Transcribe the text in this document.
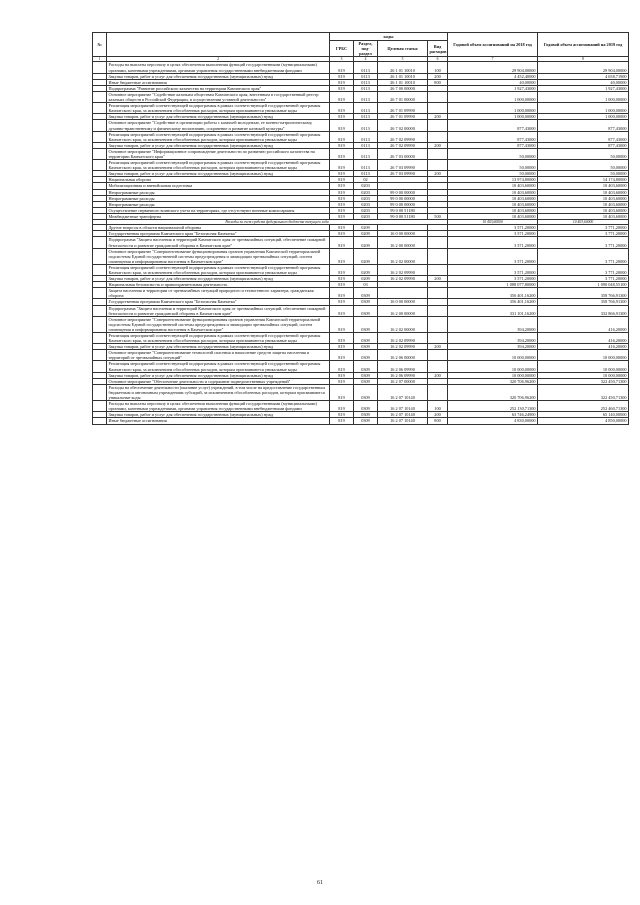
№		коды				Годовой объем ассигнований на 2018 год	Годовой объем ассигнований на 2019 год
		ГРБС	Раздел, под-раздел	Целевая статья	Вид расходов		
1	2	3	4	5	6	7	8
	Расходы на выплаты персоналу в целях обеспечения выполнения функций государственными (муниципальными) органами, казенными учреждениями, органами управления государственными внебюджетными фондами	819	0113	26 1 01 10010	100	29 904,00000	29 904,00000
	Закупка товаров, работ и услуг для обеспечения государственных (муниципальных) нужд	819	0113	26 1 01 10010	200	4 452,40000	4 658,71900
	Иные бюджетные ассигнования	819	0113	26 1 01 10010	800	40,00000	40,00000
	Подпрограмма "Развитие российского казачества на территории Камчатского края"	819	0113	26 7 00 00000		1 927,43000	1 927,43000
	Основное мероприятие "Содействие казачьим обществам Камчатского края, внесенным в государственный реестр казачьих обществ в Российской Федерации, в осуществлении уставной деятельности"	819	0113	26 7 01 00000		1 000,00000	1 000,00000
	Реализация мероприятий соответствующей подпрограммы в рамках соответствующей государственной программы Камчатского края, за исключением обособленных расходов, которым присваиваются уникальные коды	819	0113	26 7 01 09990		1 000,00000	1 000,00000
	Закупка товаров, работ и услуг для обеспечения государственных (муниципальных) нужд	819	0113	26 7 01 09990	200	1 000,00000	1 000,00000
	Основное мероприятие "Содействие в организации работы с казачьей молодежью, ее военно-патриотическому, духовно-нравственному и физическому воспитанию, сохранение и развитие казачьей культуры"	819	0113	26 7 02 00000		877,43000	877,43000
	Реализация мероприятий соответствующей подпрограммы в рамках соответствующей государственной программы Камчатского края, за исключением обособленных расходов, которым присваиваются уникальные коды	819	0113	26 7 02 09990		877,43000	877,43000
	Закупка товаров, работ и услуг для обеспечения государственных (муниципальных) нужд	819	0113	26 7 02 09990	200	877,43000	877,43000
	Основное мероприятие "Информационное сопровождение деятельности по развитию российского казачества на территории Камчатского края"	819	0113	26 7 03 00000		50,00000	50,00000
	Реализация мероприятий соответствующей подпрограммы в рамках соответствующей государственной программы Камчатского края, за исключением обособленных расходов, которым присваиваются уникальные коды	819	0113	26 7 03 09990		50,00000	50,00000
	Закупка товаров, работ и услуг для обеспечения государственных (муниципальных) нужд	819	0113	26 7 03 09990	200	50,00000	50,00000
	Национальная оборона	819	02			13 974,80000	14 174,80000
	Мобилизационная и вневойсковая подготовка	819	0203			10 403,60000	10 403,60000
	Непрограммные расходы	819	0203	99 0 00 00000		10 403,60000	10 403,60000
	Непрограммные расходы	819	0203	99 0 00 00000		10 403,60000	10 403,60000
	Непрограммные расходы	819	0203	99 0 00 00000		10 403,60000	10 403,60000
	Осуществление первичного воинского учета на территориях, где отсутствуют военные комиссариаты	819	0203	99 0 00 51180		10 403,60000	10 403,60000
	Межбюджетные трансферты	819	0203	99 0 00 51180	500	10 403,60000	10 403,60000
	Расходы за счет средств федерального бюджета текущего года					10 403,60000	10 403,60000
	Другие вопросы в области национальной обороны	819	0209			3 571,20000	3 771,20000
	Государственная программа Камчатского края "Безопасная Камчатка"	819	0209	16 0 00 00000		3 571,20000	3 771,20000
	Подпрограмма "Защита населения и территорий Камчатского края от чрезвычайных ситуаций, обеспечение пожарной безопасности и развитие гражданской обороны в Камчатском крае"	819	0209	16 2 00 00000		3 571,20000	3 771,20000
	Основное мероприятие "Совершенствование функционирования органов управления Камчатской территориальной подсистемы Единой государственной системы предупреждения и ликвидации чрезвычайных ситуаций, систем оповещения и информирования населения в Камчатском крае"	819	0209	16 2 02 00000		3 571,20000	3 771,20000
	Реализация мероприятий соответствующей подпрограммы в рамках соответствующей государственной программы Камчатского края, за исключением обособленных расходов, которым присваиваются уникальные коды	819	0209	16 2 02 09990		3 571,20000	3 771,20000
	Закупка товаров, работ и услуг для обеспечения государственных (муниципальных) нужд	819	0209	16 2 02 09990	200	3 571,20000	3 771,20000
	Национальная безопасность и правоохранительная деятельность	819	03			1 088 077,80000	1 090 048,55100
	Защита населения и территории от чрезвычайных ситуаций природного и техногенного характера, гражданская оборона	819	0309			356 401,16200	358 766,91300
	Государственная программа Камчатского края "Безопасная Камчатка"	819	0309	16 0 00 00000		356 401,16200	358 766,91300
	Подпрограмма "Защита населения и территорий Камчатского края от чрезвычайных ситуаций, обеспечение пожарной безопасности и развитие гражданской обороны в Камчатском крае"	819	0309	16 2 00 00000		331 101,16200	332 866,91300
	Основное мероприятие "Совершенствование функционирования органов управления Камчатской территориальной подсистемы Единой государственной системы предупреждения и ликвидации чрезвычайных ситуаций, систем оповещения и информирования населения в Камчатском крае"	819	0309	16 2 02 00000		394,20000	416,20000
	Реализация мероприятий соответствующей подпрограммы в рамках соответствующей государственной программы Камчатского края, за исключением обособленных расходов, которым присваиваются уникальные коды	819	0309	16 2 02 09990		394,20000	416,20000
	Закупка товаров, работ и услуг для обеспечения государственных (муниципальных) нужд	819	0309	16 2 02 09990	200	394,20000	416,20000
	Основное мероприятие "Совершенствование технологий спасения и накопление средств защиты населения и территорий от чрезвычайных ситуаций"	819	0309	16 2 06 00000		10 000,00000	10 000,00000
	Реализация мероприятий соответствующей подпрограммы в рамках соответствующей государственной программы Камчатского края, за исключением обособленных расходов, которым присваиваются уникальные коды	819	0309	16 2 06 09990		10 000,00000	10 000,00000
	Закупка товаров, работ и услуг для обеспечения государственных (муниципальных) нужд	819	0309	16 2 06 09990	200	10 000,00000	10 000,00000
	Основное мероприятие "Обеспечение деятельности и содержание подведомственных учреждений"	819	0309	16 2 07 00000		320 706,96200	322 450,71300
	Расходы на обеспечение деятельности (оказание услуг) учреждений, в том числе на предоставление государственным бюджетным и автономным учреждениям субсидий, за исключением обособленных расходов, которым присваиваются уникальные коды	819	0309	16 2 07 10140		320 706,96200	322 450,71300
	Расходы на выплаты персоналу в целях обеспечения выполнения функций государственными (муниципальными) органами, казенными учреждениями, органами управления государственными внебюджетными фондами	819	0309	16 2 07 10140	100	252 130,71300	252 460,71300
	Закупка товаров, работ и услуг для обеспечения государственных (муниципальных) нужд	819	0309	16 2 07 10140	200	63 746,24900	65 140,00000
	Иные бюджетные ассигнования	819	0309	16 2 07 10140	800	4 830,00000	4 850,00000
61
